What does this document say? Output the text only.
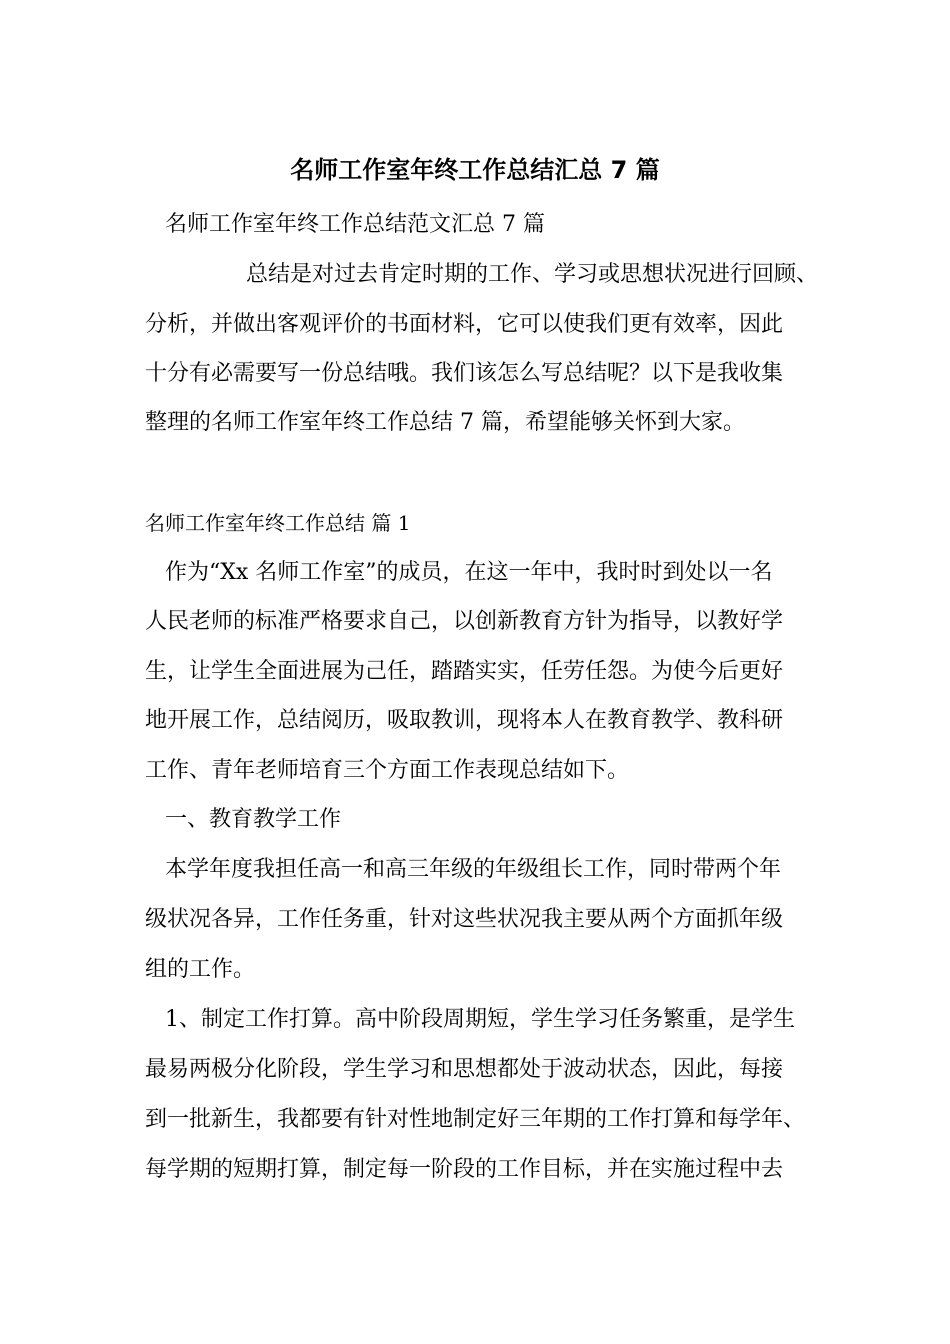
名师工作室年终工作总结汇总 7 篇
名师工作室年终工作总结范文汇总 7 篇
总结是对过去肯定时期的工作、学习或思想状况进行回顾、
分析，并做出客观评价的书面材料，它可以使我们更有效率，因此
十分有必需要写一份总结哦。我们该怎么写总结呢？以下是我收集
整理的名师工作室年终工作总结 7 篇，希望能够关怀到大家。
名师工作室年终工作总结 篇 1
作为“Xx 名师工作室”的成员，在这一年中，我时时到处以一名
人民老师的标准严格要求自己，以创新教育方针为指导，以教好学
生，让学生全面进展为己任，踏踏实实，任劳任怨。为使今后更好
地开展工作，总结阅历，吸取教训，现将本人在教育教学、教科研
工作、青年老师培育三个方面工作表现总结如下。
一、教育教学工作
本学年度我担任高一和高三年级的年级组长工作，同时带两个年
级状况各异，工作任务重，针对这些状况我主要从两个方面抓年级
组的工作。
1、制定工作打算。高中阶段周期短，学生学习任务繁重，是学生
最易两极分化阶段，学生学习和思想都处于波动状态，因此，每接
到一批新生，我都要有针对性地制定好三年期的工作打算和每学年、
每学期的短期打算，制定每一阶段的工作目标，并在实施过程中去
